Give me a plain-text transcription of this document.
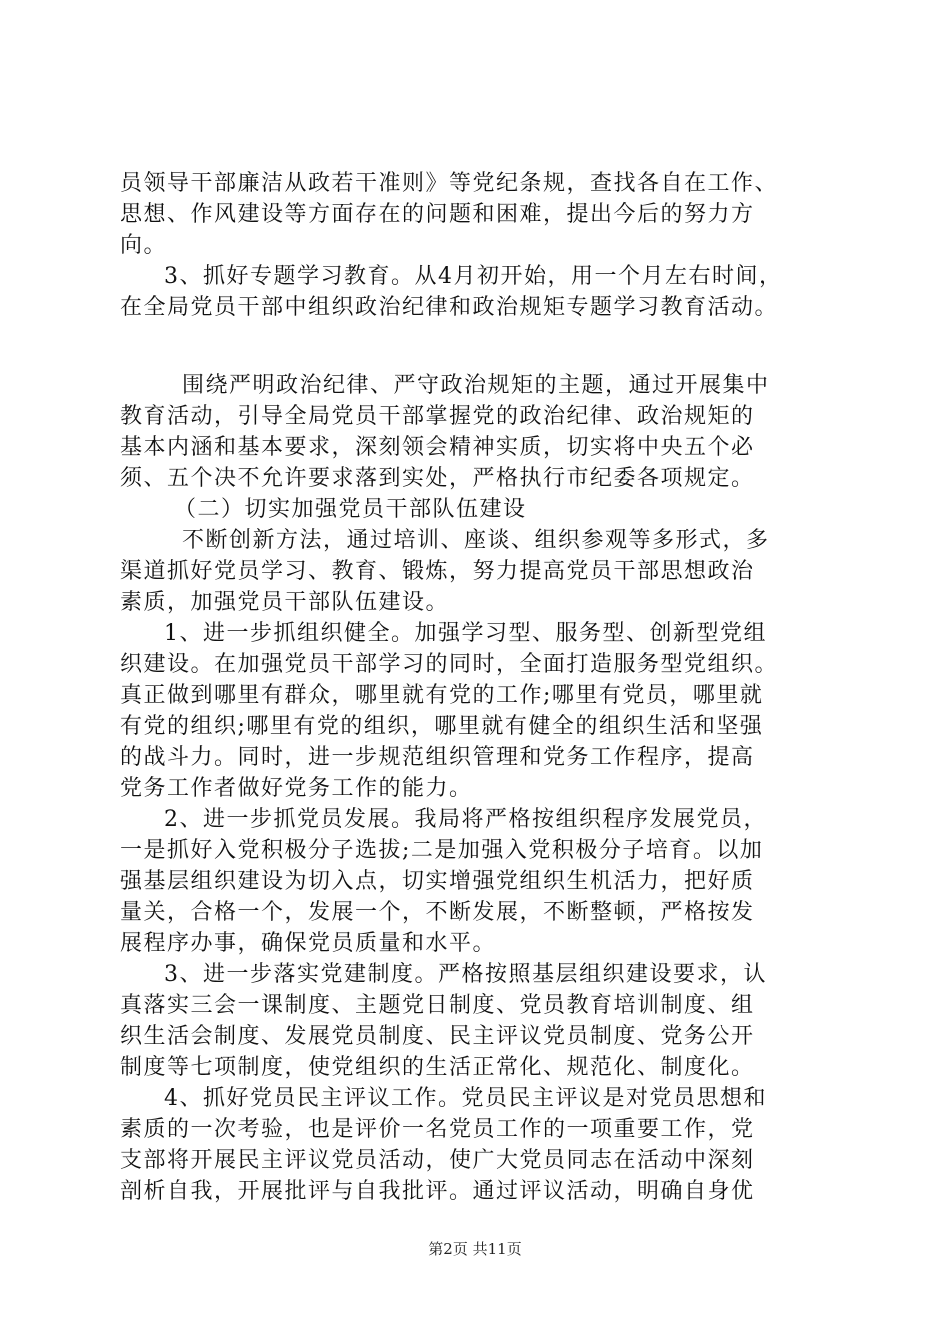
员领导干部廉洁从政若干准则》等党纪条规，查找各自在工作、
思想、作风建设等方面存在的问题和困难，提出今后的努力方
向。
3、抓好专题学习教育。从4月初开始，用一个月左右时间，
在全局党员干部中组织政治纪律和政治规矩专题学习教育活动。
围绕严明政治纪律、严守政治规矩的主题，通过开展集中
教育活动，引导全局党员干部掌握党的政治纪律、政治规矩的
基本内涵和基本要求，深刻领会精神实质，切实将中央五个必
须、五个决不允许要求落到实处，严格执行市纪委各项规定。
（二）切实加强党员干部队伍建设
不断创新方法，通过培训、座谈、组织参观等多形式，多
渠道抓好党员学习、教育、锻炼，努力提高党员干部思想政治
素质，加强党员干部队伍建设。
1、进一步抓组织健全。加强学习型、服务型、创新型党组
织建设。在加强党员干部学习的同时，全面打造服务型党组织。
真正做到哪里有群众，哪里就有党的工作;哪里有党员，哪里就
有党的组织;哪里有党的组织，哪里就有健全的组织生活和坚强
的战斗力。同时，进一步规范组织管理和党务工作程序，提高
党务工作者做好党务工作的能力。
2、进一步抓党员发展。我局将严格按组织程序发展党员，
一是抓好入党积极分子选拔;二是加强入党积极分子培育。以加
强基层组织建设为切入点，切实增强党组织生机活力，把好质
量关，合格一个，发展一个，不断发展，不断整顿，严格按发
展程序办事，确保党员质量和水平。
3、进一步落实党建制度。严格按照基层组织建设要求，认
真落实三会一课制度、主题党日制度、党员教育培训制度、组
织生活会制度、发展党员制度、民主评议党员制度、党务公开
制度等七项制度，使党组织的生活正常化、规范化、制度化。
4、抓好党员民主评议工作。党员民主评议是对党员思想和
素质的一次考验，也是评价一名党员工作的一项重要工作，党
支部将开展民主评议党员活动，使广大党员同志在活动中深刻
剖析自我，开展批评与自我批评。通过评议活动，明确自身优
第2页 共11页
